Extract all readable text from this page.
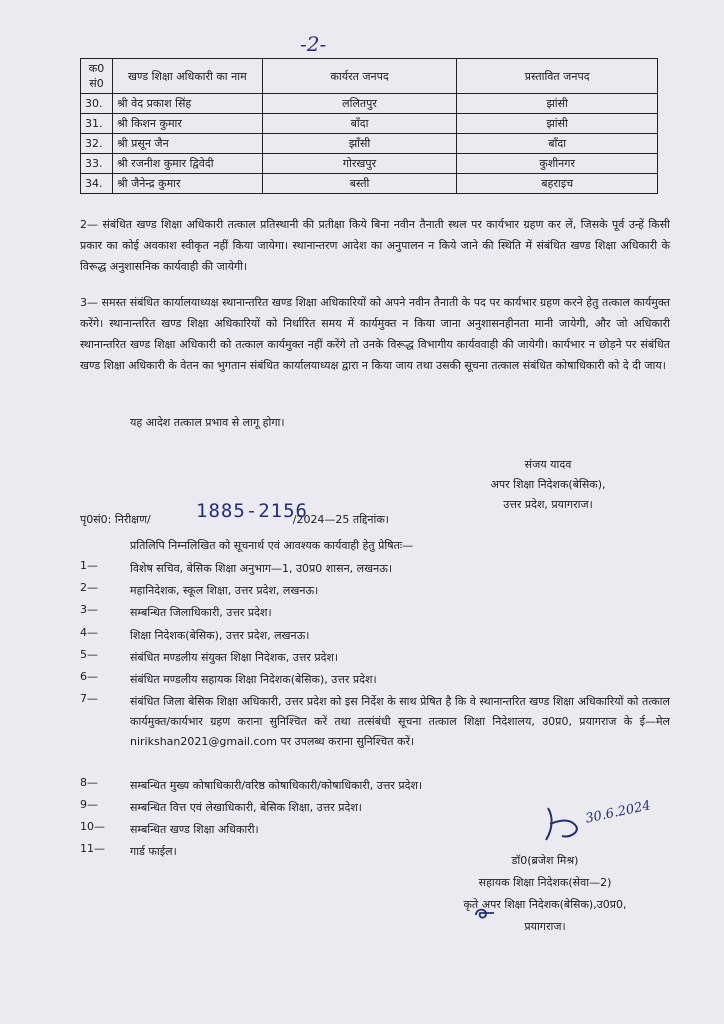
-2-
क0 सं0	खण्ड शिक्षा अधिकारी का नाम	कार्यरत जनपद	प्रस्तावित जनपद
30.	श्री वेद प्रकाश सिंह	ललितपुर	झांसी
31.	श्री किशन कुमार	बाँदा	झांसी
32.	श्री प्रसून जैन	झाँसी	बाँदा
33.	श्री रजनीश कुमार द्विवेदी	गोरखपुर	कुशीनगर
34.	श्री जैनेन्द्र कुमार	बस्ती	बहराइच
2— संबंधित खण्ड शिक्षा अधिकारी तत्काल प्रतिस्थानी की प्रतीक्षा किये बिना नवीन तैनाती स्थल पर कार्यभार ग्रहण कर लें, जिसके पूर्व उन्हें किसी प्रकार का कोई अवकाश स्वीकृत नहीं किया जायेगा। स्थानान्तरण आदेश का अनुपालन न किये जाने की स्थिति में संबंधित खण्ड शिक्षा अधिकारी के विरूद्ध अनुशासनिक कार्यवाही की जायेगी।
3— समस्त संबंधित कार्यालयाध्यक्ष स्थानान्तरित खण्ड शिक्षा अधिकारियों को अपने नवीन तैनाती के पद पर कार्यभार ग्रहण करने हेतु तत्काल कार्यमुक्त करेंगे। स्थानान्तरित खण्ड शिक्षा अधिकारियों को निर्धारित समय में कार्यमुक्त न किया जाना अनुशासनहीनता मानी जायेगी, और जो अधिकारी स्थानान्तरित खण्ड शिक्षा अधिकारी को तत्काल कार्यमुक्त नहीं करेंगे तो उनके विरूद्ध विभागीय कार्यववाही की जायेगी। कार्यभार न छोड़ने पर संबंधित खण्ड शिक्षा अधिकारी के वेतन का भुगतान संबंधित कार्यालयाध्यक्ष द्वारा न किया जाय तथा उसकी सूचना तत्काल संबंधित कोषाधिकारी को दे दी जाय।
यह आदेश तत्काल प्रभाव से लागू होगा।
संजय यादव
अपर शिक्षा निदेशक(बेसिक),
उत्तर प्रदेश, प्रयागराज।
पृ0सं0: निरीक्षण/	/2024—25 तद्दिनांक।
1885-2156
प्रतिलिपि निम्नलिखित को सूचनार्थ एवं आवश्यक कार्यवाही हेतु प्रेषितः—
1—	विशेष सचिव, बेसिक शिक्षा अनुभाग—1, उ0प्र0 शासन, लखनऊ।
2—	महानिदेशक, स्कूल शिक्षा, उत्तर प्रदेश, लखनऊ।
3—	सम्बन्धित जिलाधिकारी, उत्तर प्रदेश।
4—	शिक्षा निदेशक(बेसिक), उत्तर प्रदेश, लखनऊ।
5—	संबंधित मण्डलीय संयुक्त शिक्षा निदेशक, उत्तर प्रदेश।
6—	संबंधित मण्डलीय सहायक शिक्षा निदेशक(बेसिक), उत्तर प्रदेश।
7—	संबंधित जिला बेसिक शिक्षा अधिकारी, उत्तर प्रदेश को इस निर्देश के साथ प्रेषित है कि वे स्थानान्तरित खण्ड शिक्षा अधिकारियों को तत्काल कार्यमुक्त/कार्यभार ग्रहण कराना सुनिश्चित करें तथा तत्संबंधी सूचना तत्काल शिक्षा निदेशालय, उ0प्र0, प्रयागराज के ई—मेल nirikshan2021@gmail.com पर उपलब्ध कराना सुनिश्चित करें।
8—	सम्बन्धित मुख्य कोषाधिकारी/वरिष्ठ कोषाधिकारी/कोषाधिकारी, उत्तर प्रदेश।
9—	सम्बन्धित वित्त एवं लेखाधिकारी, बेसिक शिक्षा, उत्तर प्रदेश।
10— सम्बन्धित खण्ड शिक्षा अधिकारी।
11— गार्ड फाईल।
30.6.2024
डॉ0(ब्रजेश मिश्र)
सहायक शिक्षा निदेशक(सेवा—2)
कृते अपर शिक्षा निदेशक(बेसिक),उ0प्र0,
प्रयागराज।
